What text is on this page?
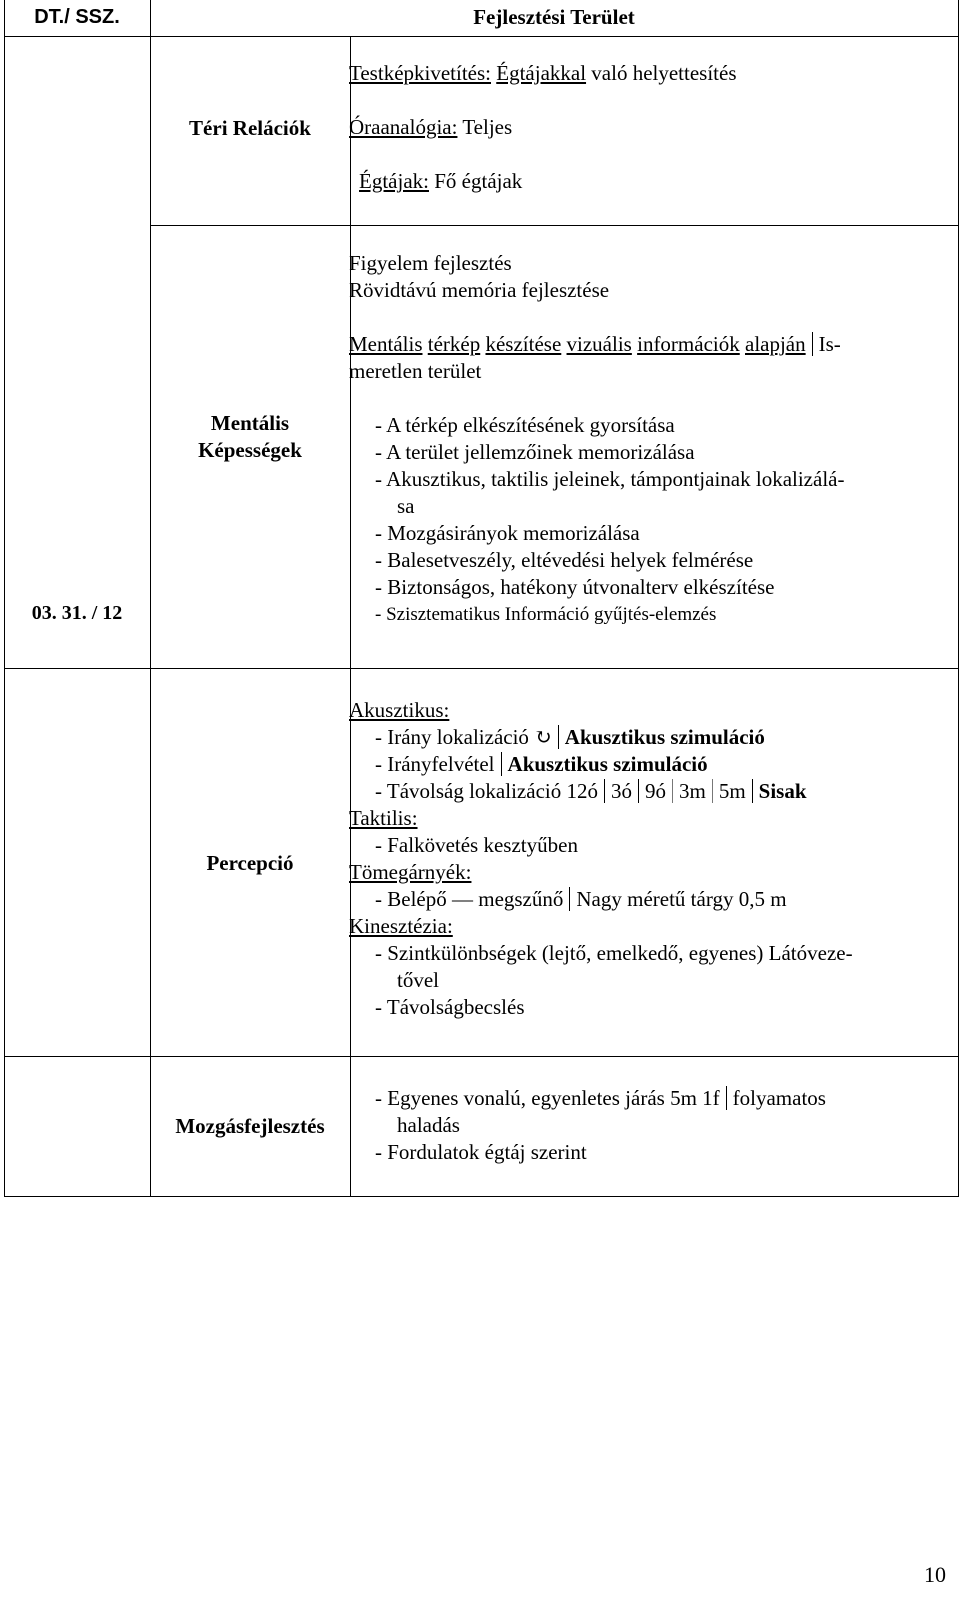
DT./ SSZ.	Fejlesztési Terület
03. 31. / 12
Téri Relációk
Testképkivetítés: Égtájakkal való helyettesítés
Óraanalógia: Teljes
Égtájak: Fő égtájak
Mentális
Képességek
Figyelem fejlesztés
Rövidtávú memória fejlesztése
Mentális térkép készítése vizuális információk alapján Is-
meretlen terület
- A térkép elkészítésének gyorsítása
- A terület jellemzőinek memorizálása
- Akusztikus, taktilis jeleinek, támpontjainak lokalizálá-
sa
- Mozgásirányok memorizálása
- Balesetveszély, eltévedési helyek felmérése
- Biztonságos, hatékony útvonalterv elkészítése
- Szisztematikus Információ gyűjtés-elemzés
Percepció
Akusztikus:
- Irány lokalizáció ↻ Akusztikus szimuláció
- Irányfelvétel Akusztikus szimuláció
- Távolság lokalizáció 12ó 3ó 9ó 3m 5m Sisak
Taktilis:
- Falkövetés kesztyűben
Tömegárnyék:
- Belépő — megszűnő Nagy méretű tárgy 0,5 m
Kinesztézia:
- Szintkülönbségek (lejtő, emelkedő, egyenes) Látóveze-
tővel
- Távolságbecslés
Mozgásfejlesztés
- Egyenes vonalú, egyenletes járás 5m 1f folyamatos
haladás
- Fordulatok égtáj szerint
10
